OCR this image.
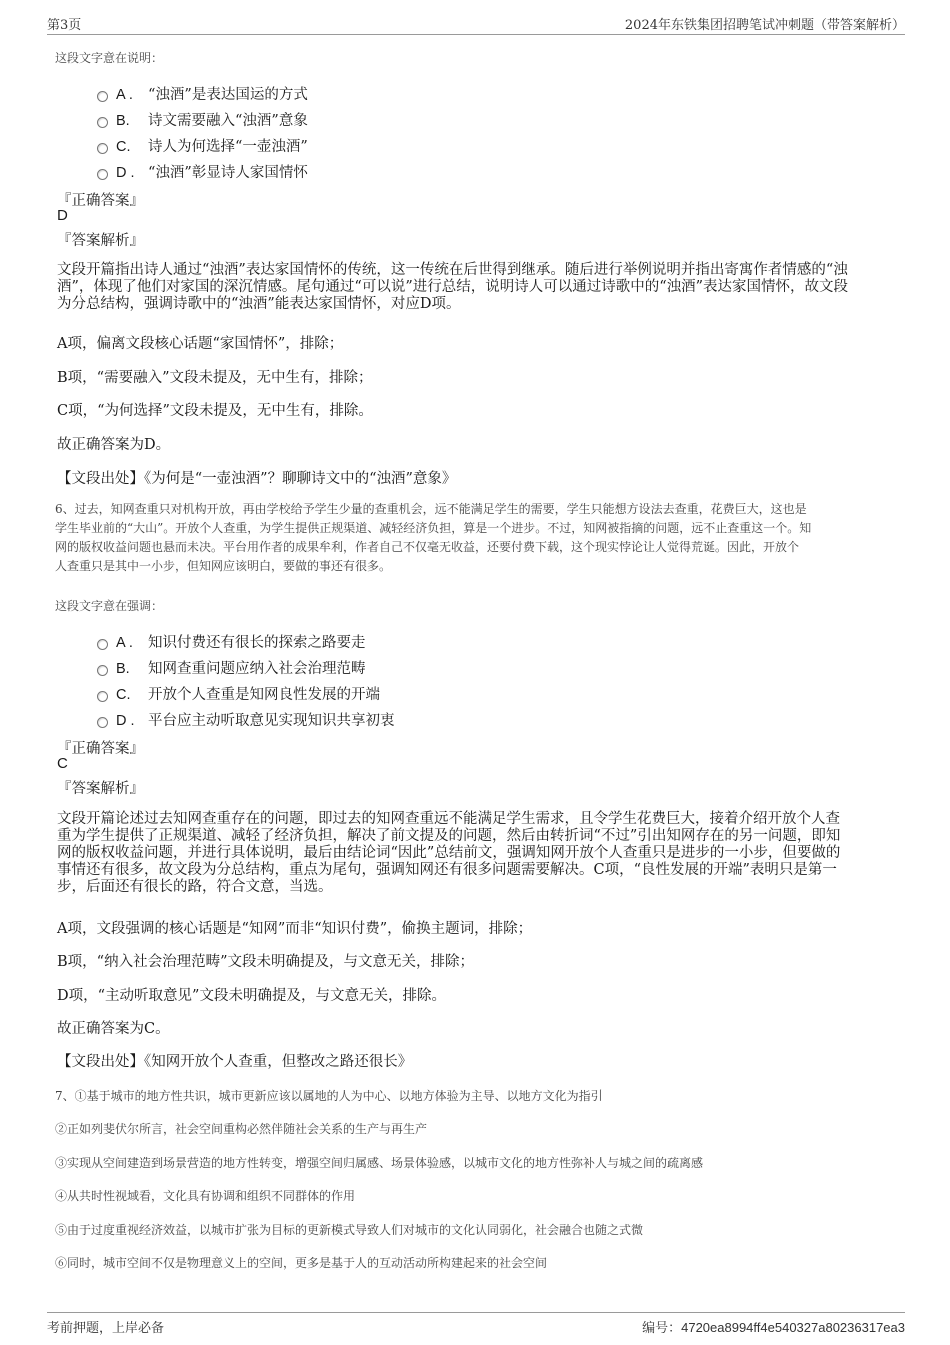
第3页	2024年东铁集团招聘笔试冲刺题（带答案解析）
这段文字意在说明：
A . “浊酒”是表达国运的方式
B. 诗文需要融入“浊酒”意象
C. 诗人为何选择“一壶浊酒”
D . “浊酒”彰显诗人家国情怀
『正确答案』
D
『答案解析』
文段开篇指出诗人通过“浊酒”表达家国情怀的传统，这一传统在后世得到继承。随后进行举例说明并指出寄寓作者情感的“浊
酒”，体现了他们对家国的深沉情感。尾句通过“可以说”进行总结，说明诗人可以通过诗歌中的“浊酒”表达家国情怀，故文段
为分总结构，强调诗歌中的“浊酒”能表达家国情怀，对应D项。
A项，偏离文段核心话题“家国情怀”，排除；
B项，“需要融入”文段未提及，无中生有，排除；
C项，“为何选择”文段未提及，无中生有，排除。
故正确答案为D。
【文段出处】《为何是“一壶浊酒”？聊聊诗文中的“浊酒”意象》
6、过去，知网查重只对机构开放，再由学校给予学生少量的查重机会，远不能满足学生的需要，学生只能想方设法去查重，花费巨大，这也是
学生毕业前的“大山”。开放个人查重，为学生提供正规渠道、减轻经济负担，算是一个进步。不过，知网被指摘的问题，远不止查重这一个。知
网的版权收益问题也悬而未决。平台用作者的成果牟利，作者自己不仅毫无收益，还要付费下载，这个现实悖论让人觉得荒诞。因此，开放个
人查重只是其中一小步，但知网应该明白，要做的事还有很多。
这段文字意在强调：
A . 知识付费还有很长的探索之路要走
B. 知网查重问题应纳入社会治理范畴
C. 开放个人查重是知网良性发展的开端
D . 平台应主动听取意见实现知识共享初衷
『正确答案』
C
『答案解析』
文段开篇论述过去知网查重存在的问题，即过去的知网查重远不能满足学生需求，且令学生花费巨大，接着介绍开放个人查
重为学生提供了正规渠道、减轻了经济负担，解决了前文提及的问题，然后由转折词“不过”引出知网存在的另一问题，即知
网的版权收益问题，并进行具体说明，最后由结论词“因此”总结前文，强调知网开放个人查重只是进步的一小步，但要做的
事情还有很多，故文段为分总结构，重点为尾句，强调知网还有很多问题需要解决。C项，“良性发展的开端”表明只是第一
步，后面还有很长的路，符合文意，当选。
A项，文段强调的核心话题是“知网”而非“知识付费”，偷换主题词，排除；
B项，“纳入社会治理范畴”文段未明确提及，与文意无关，排除；
D项，“主动听取意见”文段未明确提及，与文意无关，排除。
故正确答案为C。
【文段出处】《知网开放个人查重，但整改之路还很长》
7、①基于城市的地方性共识，城市更新应该以属地的人为中心、以地方体验为主导、以地方文化为指引
②正如列斐伏尔所言，社会空间重构必然伴随社会关系的生产与再生产
③实现从空间建造到场景营造的地方性转变，增强空间归属感、场景体验感，以城市文化的地方性弥补人与城之间的疏离感
④从共时性视域看，文化具有协调和组织不同群体的作用
⑤由于过度重视经济效益，以城市扩张为目标的更新模式导致人们对城市的文化认同弱化，社会融合也随之式微
⑥同时，城市空间不仅是物理意义上的空间，更多是基于人的互动活动所构建起来的社会空间
考前押题，上岸必备	编号：4720ea8994ff4e540327a80236317ea3
